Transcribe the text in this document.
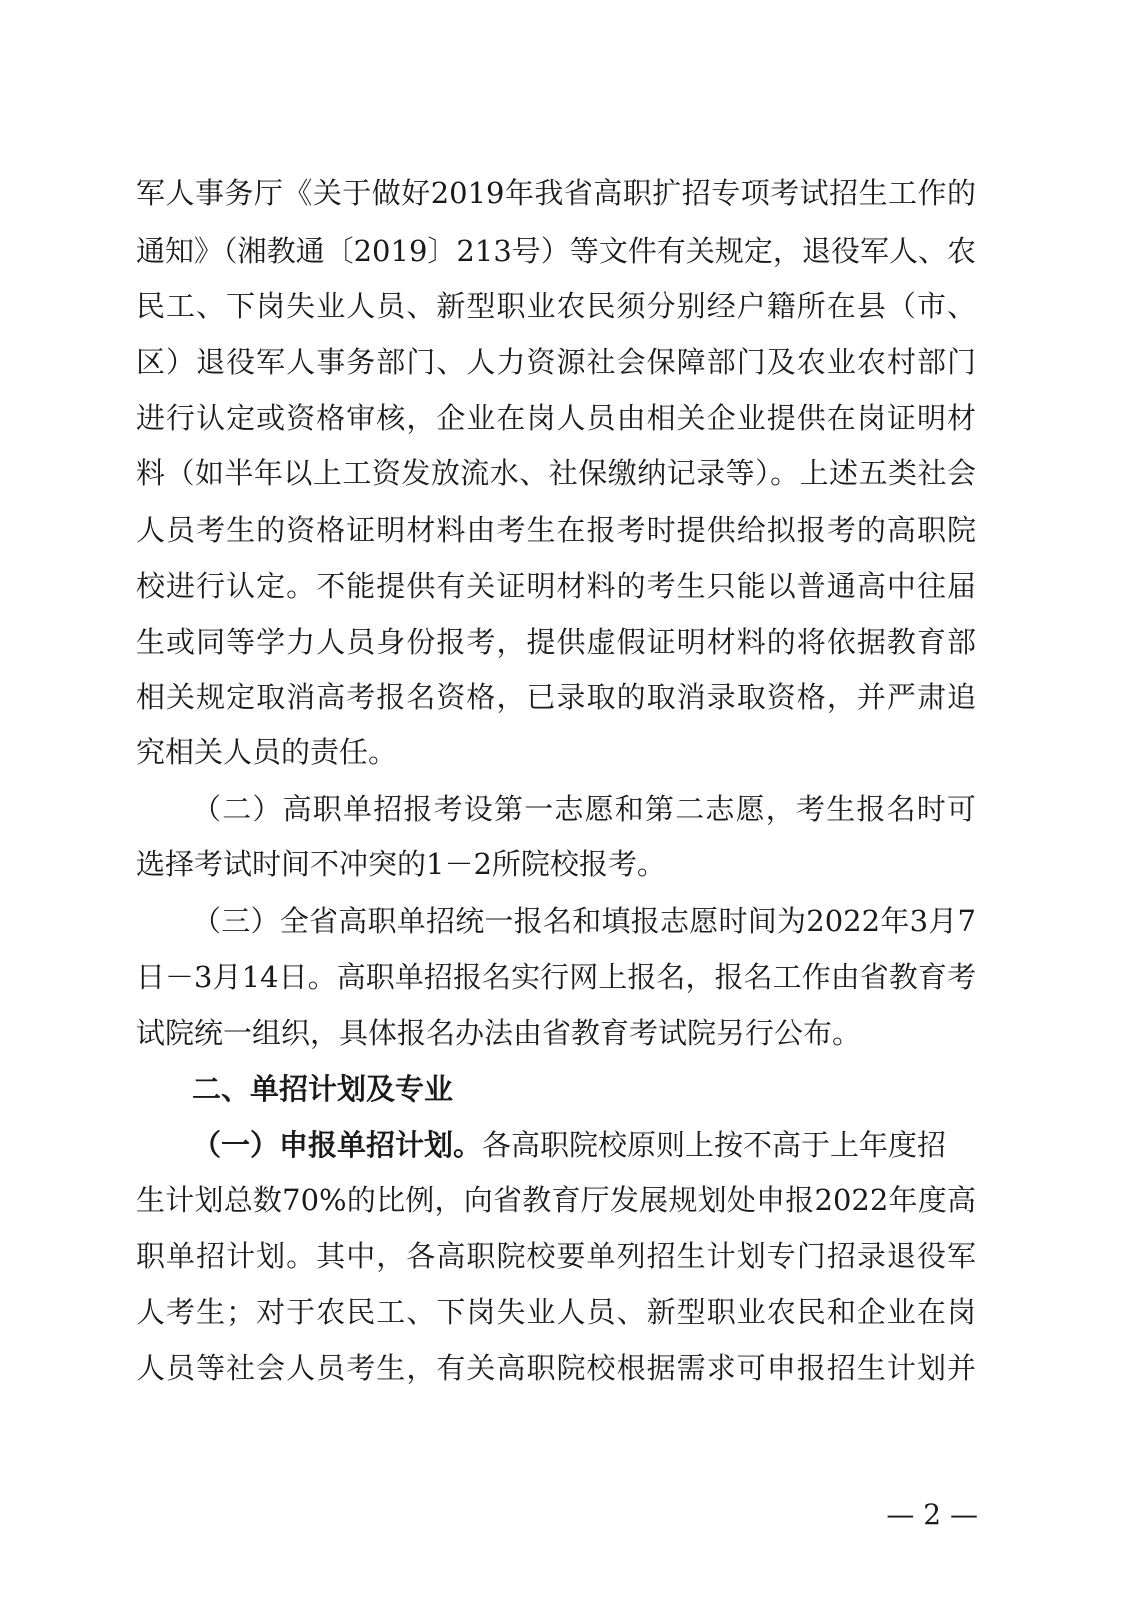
军人事务厅《关于做好2019年我省高职扩招专项考试招生工作的
通知》（湘教通〔2019〕213号）等文件有关规定，退役军人、农
民工、下岗失业人员、新型职业农民须分别经户籍所在县（市、
区）退役军人事务部门、人力资源社会保障部门及农业农村部门
进行认定或资格审核，企业在岗人员由相关企业提供在岗证明材
料（如半年以上工资发放流水、社保缴纳记录等）。上述五类社会
人员考生的资格证明材料由考生在报考时提供给拟报考的高职院
校进行认定。不能提供有关证明材料的考生只能以普通高中往届
生或同等学力人员身份报考，提供虚假证明材料的将依据教育部
相关规定取消高考报名资格，已录取的取消录取资格，并严肃追
究相关人员的责任。
（二）高职单招报考设第一志愿和第二志愿，考生报名时可
选择考试时间不冲突的1－2所院校报考。
（三）全省高职单招统一报名和填报志愿时间为2022年3月7
日－3月14日。高职单招报名实行网上报名，报名工作由省教育考
试院统一组织，具体报名办法由省教育考试院另行公布。
二、单招计划及专业
（一）申报单招计划。各高职院校原则上按不高于上年度招
生计划总数70%的比例，向省教育厅发展规划处申报2022年度高
职单招计划。其中，各高职院校要单列招生计划专门招录退役军
人考生；对于农民工、下岗失业人员、新型职业农民和企业在岗
人员等社会人员考生，有关高职院校根据需求可申报招生计划并
— 2 —
